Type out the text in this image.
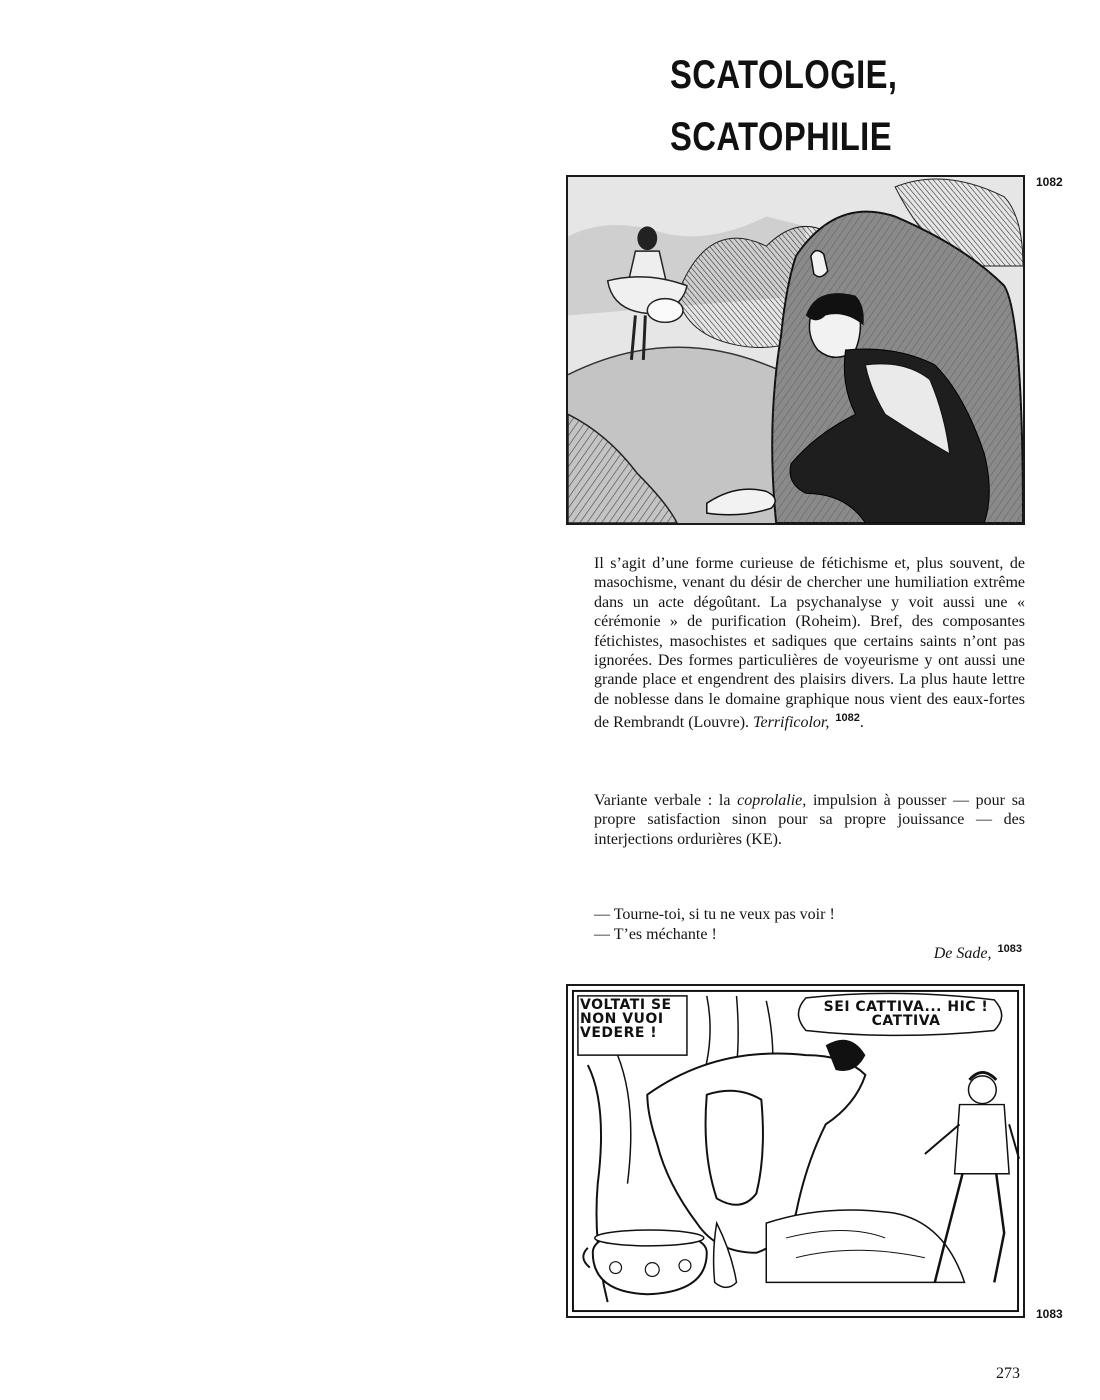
SCATOLOGIE,
SCATOPHILIE
1082

Il s’agit d’une forme curieuse de fétichisme et, plus souvent, de masochisme, venant du désir de chercher une humiliation extrême dans un acte dégoûtant. La psychanalyse y voit aussi une « cérémonie » de purification (Roheim). Bref, des composantes fétichistes, masochistes et sadiques que certains saints n’ont pas ignorées. Des formes particulières de voyeurisme y ont aussi une grande place et engendrent des plaisirs divers. La plus haute lettre de noblesse dans le domaine graphique nous vient des eaux-fortes de Rembrandt (Louvre). Terrificolor, $^{1082}$.

Variante verbale : la coprolalie, impulsion à pousser — pour sa propre satisfaction sinon pour sa propre jouissance — des interjections ordurières (KE).

— Tourne-toi, si tu ne veux pas voir !

— T’es méchante !

De Sade, $^{1083}$
VOLTATI SE
NON VUOI
VEDERE !
SEI CATTIVA... HIC !
CATTIVA
1083
273
